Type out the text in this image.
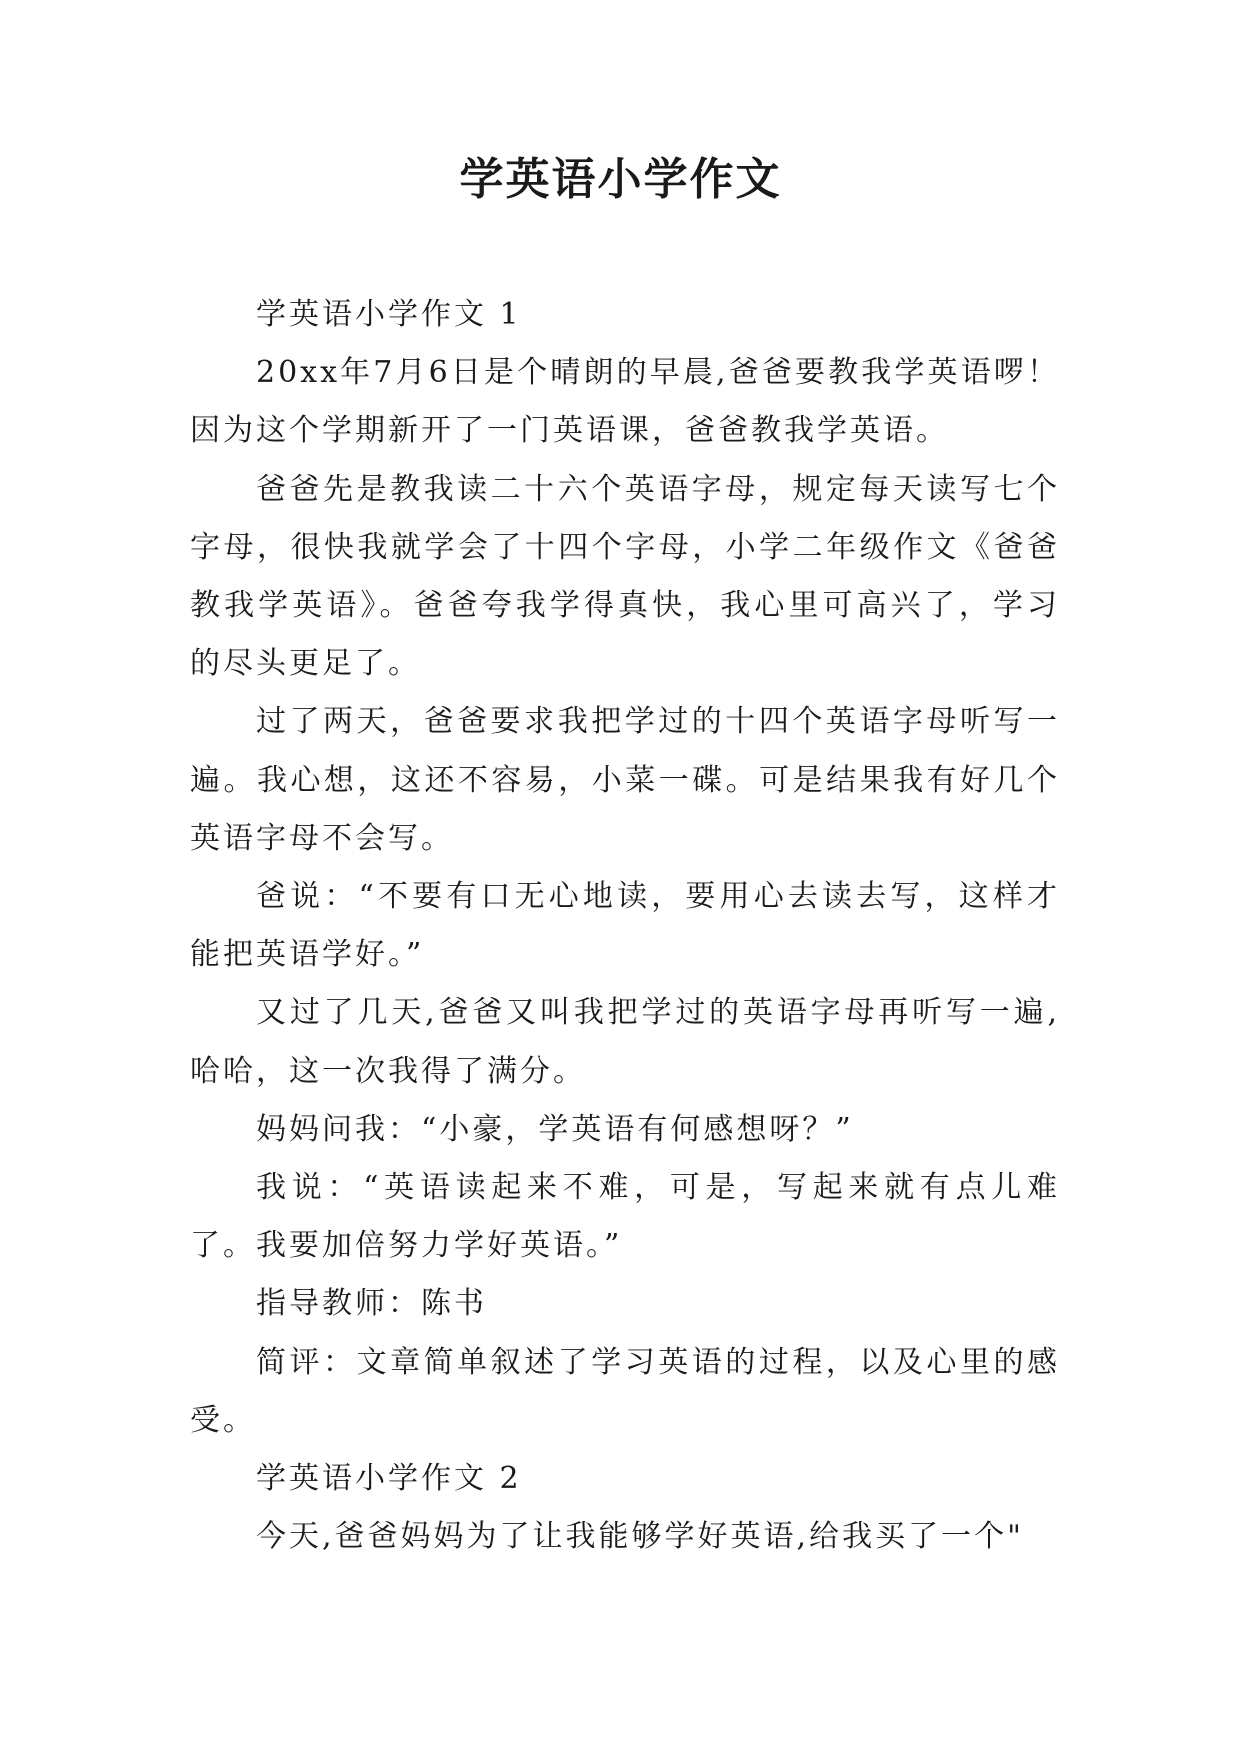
学英语小学作文

学英语小学作文 1

20xx年7月6日是个晴朗的早晨,爸爸要教我学英语啰！因为这个学期新开了一门英语课，爸爸教我学英语。

爸爸先是教我读二十六个英语字母，规定每天读写七个字母，很快我就学会了十四个字母，小学二年级作文《爸爸教我学英语》。爸爸夸我学得真快，我心里可高兴了，学习的尽头更足了。

过了两天，爸爸要求我把学过的十四个英语字母听写一遍。我心想，这还不容易，小菜一碟。可是结果我有好几个英语字母不会写。

爸说：“不要有口无心地读，要用心去读去写，这样才能把英语学好。”

又过了几天,爸爸又叫我把学过的英语字母再听写一遍,哈哈，这一次我得了满分。

妈妈问我：“小豪，学英语有何感想呀？”

我说：“英语读起来不难，可是，写起来就有点儿难了。我要加倍努力学好英语。”

指导教师：陈书

简评：文章简单叙述了学习英语的过程，以及心里的感受。

学英语小学作文 2

今天,爸爸妈妈为了让我能够学好英语,给我买了一个"
